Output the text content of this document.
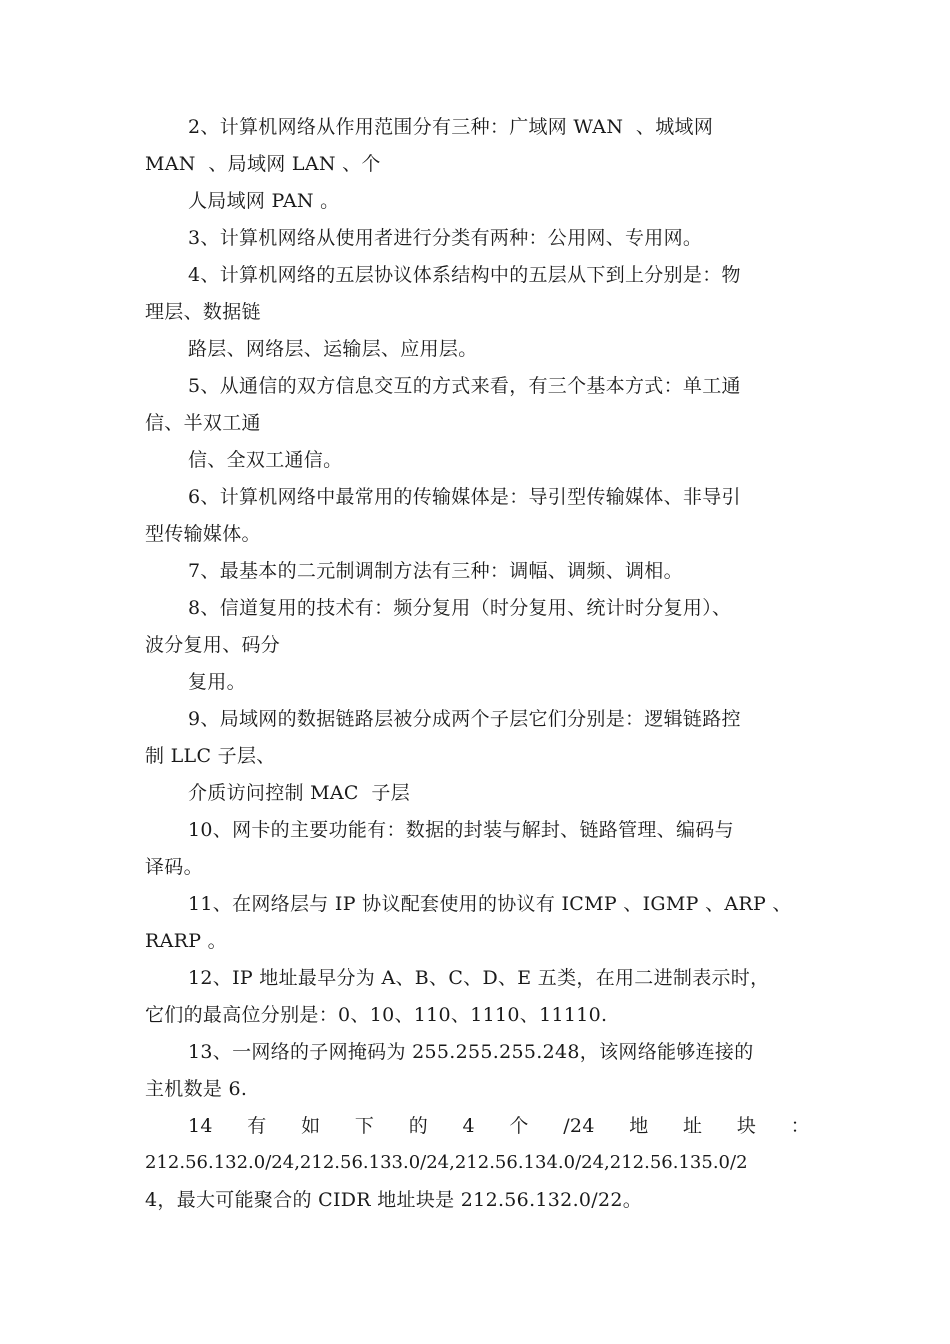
2、计算机网络从作用范围分有三种：广域网 WAN  、城域网
MAN  、局域网 LAN 、个
人局域网 PAN 。
3、计算机网络从使用者进行分类有两种：公用网、专用网。
4、计算机网络的五层协议体系结构中的五层从下到上分别是：物
理层、数据链
路层、网络层、运输层、应用层。
5、从通信的双方信息交互的方式来看，有三个基本方式：单工通
信、半双工通
信、全双工通信。
6、计算机网络中最常用的传输媒体是：导引型传输媒体、非导引
型传输媒体。
7、最基本的二元制调制方法有三种：调幅、调频、调相。
8、信道复用的技术有：频分复用（时分复用、统计时分复用）、
波分复用、码分
复用。
9、局域网的数据链路层被分成两个子层它们分别是：逻辑链路控
制 LLC 子层、
介质访问控制 MAC  子层
10、网卡的主要功能有：数据的封装与解封、链路管理、编码与
译码。
11、在网络层与 IP 协议配套使用的协议有 ICMP 、IGMP 、ARP 、
RARP 。
12、IP 地址最早分为 A、B、C、D、E 五类，在用二进制表示时，
它们的最高位分别是：0、10、110、1110、11110.
13、一网络的子网掩码为 255.255.255.248，该网络能够连接的
主机数是 6.
14 有 如 下 的 4 个 /24 地 址 块 ：
212.56.132.0/24,212.56.133.0/24,212.56.134.0/24,212.56.135.0/2
4，最大可能聚合的 CIDR 地址块是 212.56.132.0/22。
